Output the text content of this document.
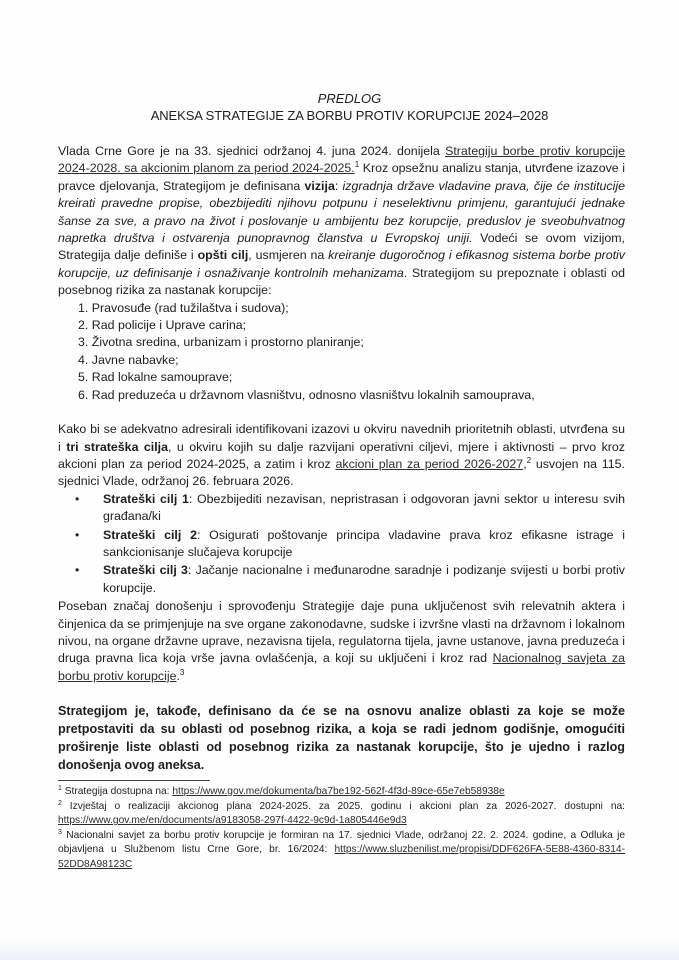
PREDLOG
ANEKSA STRATEGIJE ZA BORBU PROTIV KORUPCIJE 2024–2028

Vlada Crne Gore je na 33. sjednici održanoj 4. juna 2024. donijela Strategiju borbe protiv korupcije 2024-2028. sa akcionim planom za period 2024-2025.$^1$ Kroz opsežnu analizu stanja, utvrđene izazove i pravce djelovanja, Strategijom je definisana vizija: izgradnja države vladavine prava, čije će institucije kreirati pravedne propise, obezbijediti njihovu potpunu i neselektivnu primjenu, garantujući jednake šanse za sve, a pravo na život i poslovanje u ambijentu bez korupcije, preduslov je sveobuhvatnog napretka društva i ostvarenja punopravnog članstva u Evropskoj uniji. Vodeći se ovom vizijom, Strategija dalje definiše i opšti cilj, usmjeren na kreiranje dugoročnog i efikasnog sistema borbe protiv korupcije, uz definisanje i osnaživanje kontrolnih mehanizama. Strategijom su prepoznate i oblasti od posebnog rizika za nastanak korupcije:

1. Pravosuđe (rad tužilaštva i sudova);
2. Rad policije i Uprave carina;
3. Životna sredina, urbanizam i prostorno planiranje;
4. Javne nabavke;
5. Rad lokalne samouprave;
6. Rad preduzeća u državnom vlasništvu, odnosno vlasništvu lokalnih samouprava,

Kako bi se adekvatno adresirali identifikovani izazovi u okviru navednih prioritetnih oblasti, utvrđena su i tri strateška cilja, u okviru kojih su dalje razvijani operativni ciljevi, mjere i aktivnosti – prvo kroz akcioni plan za period 2024-2025, a zatim i kroz akcioni plan za period 2026-2027,$^2$ usvojen na 115. sjednici Vlade, održanoj 26. februara 2026.

• Strateški cilj 1: Obezbijediti nezavisan, nepristrasan i odgovoran javni sektor u interesu svih građana/ki
• Strateški cilj 2: Osigurati poštovanje principa vladavine prava kroz efikasne istrage i sankcionisanje slučajeva korupcije
• Strateški cilj 3: Jačanje nacionalne i međunarodne saradnje i podizanje svijesti u borbi protiv korupcije.

Poseban značaj donošenju i sprovođenju Strategije daje puna uključenost svih relevatnih aktera i činjenica da se primjenjuje na sve organe zakonodavne, sudske i izvršne vlasti na državnom i lokalnom nivou, na organe državne uprave, nezavisna tijela, regulatorna tijela, javne ustanove, javna preduzeća i druga pravna lica koja vrše javna ovlašćenja, a koji su uključeni i kroz rad Nacionalnog savjeta za borbu protiv korupcije.$^3$

Strategijom je, takođe, definisano da će se na osnovu analize oblasti za koje se može pretpostaviti da su oblasti od posebnog rizika, a koja se radi jednom godišnje, omogućiti proširenje liste oblasti od posebnog rizika za nastanak korupcije, što je ujedno i razlog donošenja ovog aneksa.

$^1$ Strategija dostupna na: https://www.gov.me/dokumenta/ba7be192-562f-4f3d-89ce-65e7eb58938e

$^2$ Izvještaj o realizaciji akcionog plana 2024-2025. za 2025. godinu i akcioni plan za 2026-2027. dostupni na: https://www.gov.me/en/documents/a9183058-297f-4422-9c9d-1a805446e9d3

$^3$ Nacionalni savjet za borbu protiv korupcije je formiran na 17. sjednici Vlade, održanoj 22. 2. 2024. godine, a Odluka je objavljena u Službenom listu Crne Gore, br. 16/2024: https://www.sluzbenilist.me/propisi/DDF626FA-5E88-4360-8314-52DD8A98123C
